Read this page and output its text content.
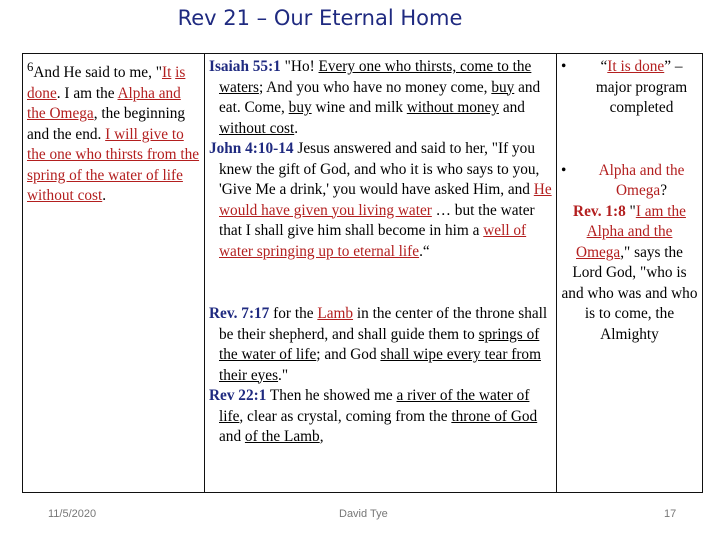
Rev 21 – Our Eternal Home
$^6$And He said to me, "It is done. I am the Alpha and the Omega, the beginning and the end. I will give to the one who thirsts from the spring of the water of life without cost.	
Isaiah 55:1 "Ho! Every one who thirsts, come to the waters; And you who have no money come, buy and eat. Come, buy wine and milk without money and without cost.
John 4:10-14 Jesus answered and said to her, "If you knew the gift of God, and who it is who says to you, 'Give Me a drink,' you would have asked Him, and He would have given you living water … but the water that I shall give him shall become in him a well of water springing up to eternal life.“
Rev. 7:17 for the Lamb in the center of the throne shall be their shepherd, and shall guide them to springs of the water of life; and God shall wipe every tear from their eyes."
Rev 22:1 Then he showed me a river of the water of life, clear as crystal, coming from the throne of God and of the Lamb,

•	“It is done” – major program completed
•	Alpha and the Omega?
Rev. 1:8 "I am the Alpha and the Omega," says the Lord God, "who is and who was and who is to come, the Almighty
11/5/2020	David Tye	17
